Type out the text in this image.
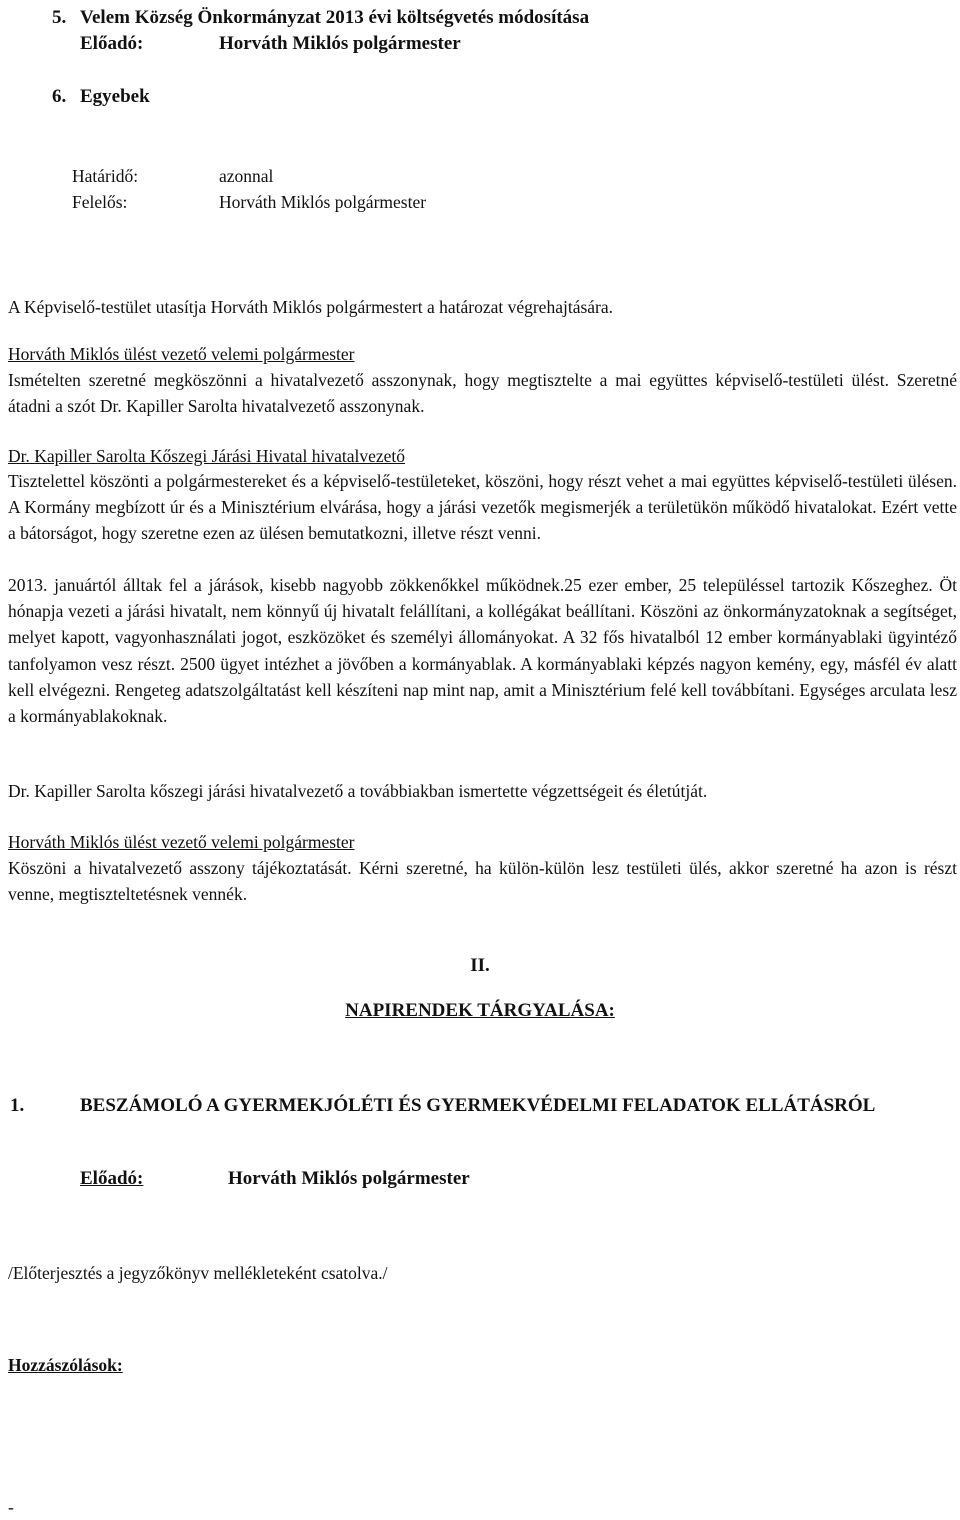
5. Velem Község Önkormányzat 2013 évi költségvetés módosítása
Előadó:	Horváth Miklós polgármester
6. Egyebek
Határidő:	azonnal
Felelős:	Horváth Miklós polgármester
A Képviselő-testület utasítja Horváth Miklós polgármestert a határozat végrehajtására.
Horváth Miklós ülést vezető velemi polgármester
Ismételten szeretné megköszönni a hivatalvezető asszonynak, hogy megtisztelte a mai együttes képviselő-testületi ülést. Szeretné átadni a szót Dr. Kapiller Sarolta hivatalvezető asszonynak.
Dr. Kapiller Sarolta Kőszegi Járási Hivatal hivatalvezető
Tisztelettel köszönti a polgármestereket és a képviselő-testületeket, köszöni, hogy részt vehet a mai együttes képviselő-testületi ülésen. A Kormány megbízott úr és a Minisztérium elvárása, hogy a járási vezetők megismerjék a területükön működő hivatalokat. Ezért vette a bátorságot, hogy szeretne ezen az ülésen bemutatkozni, illetve részt venni.
2013. januártól álltak fel a járások, kisebb nagyobb zökkenőkkel működnek.25 ezer ember, 25 településsel tartozik Kőszeghez. Öt hónapja vezeti a járási hivatalt, nem könnyű új hivatalt felállítani, a kollégákat beállítani. Köszöni az önkormányzatoknak a segítséget, melyet kapott, vagyonhasználati jogot, eszközöket és személyi állományokat. A 32 fős hivatalból 12 ember kormányablaki ügyintéző tanfolyamon vesz részt. 2500 ügyet intézhet a jövőben a kormányablak. A kormányablaki képzés nagyon kemény, egy, másfél év alatt kell elvégezni. Rengeteg adatszolgáltatást kell készíteni nap mint nap, amit a Minisztérium felé kell továbbítani. Egységes arculata lesz a kormányablakoknak.
Dr. Kapiller Sarolta kőszegi járási hivatalvezető a továbbiakban ismertette végzettségeit és életútját.
Horváth Miklós ülést vezető velemi polgármester
Köszöni a hivatalvezető asszony tájékoztatását. Kérni szeretné, ha külön-külön lesz testületi ülés, akkor szeretné ha azon is részt venne, megtiszteltetésnek vennék.
II.
NAPIRENDEK TÁRGYALÁSA:
1.	BESZÁMOLÓ A GYERMEKJÓLÉTI ÉS GYERMEKVÉDELMI FELADATOK ELLÁTÁSRÓL
Előadó:	Horváth Miklós polgármester
/Előterjesztés a jegyzőkönyv mellékleteként csatolva./
Hozzászólások:
-
